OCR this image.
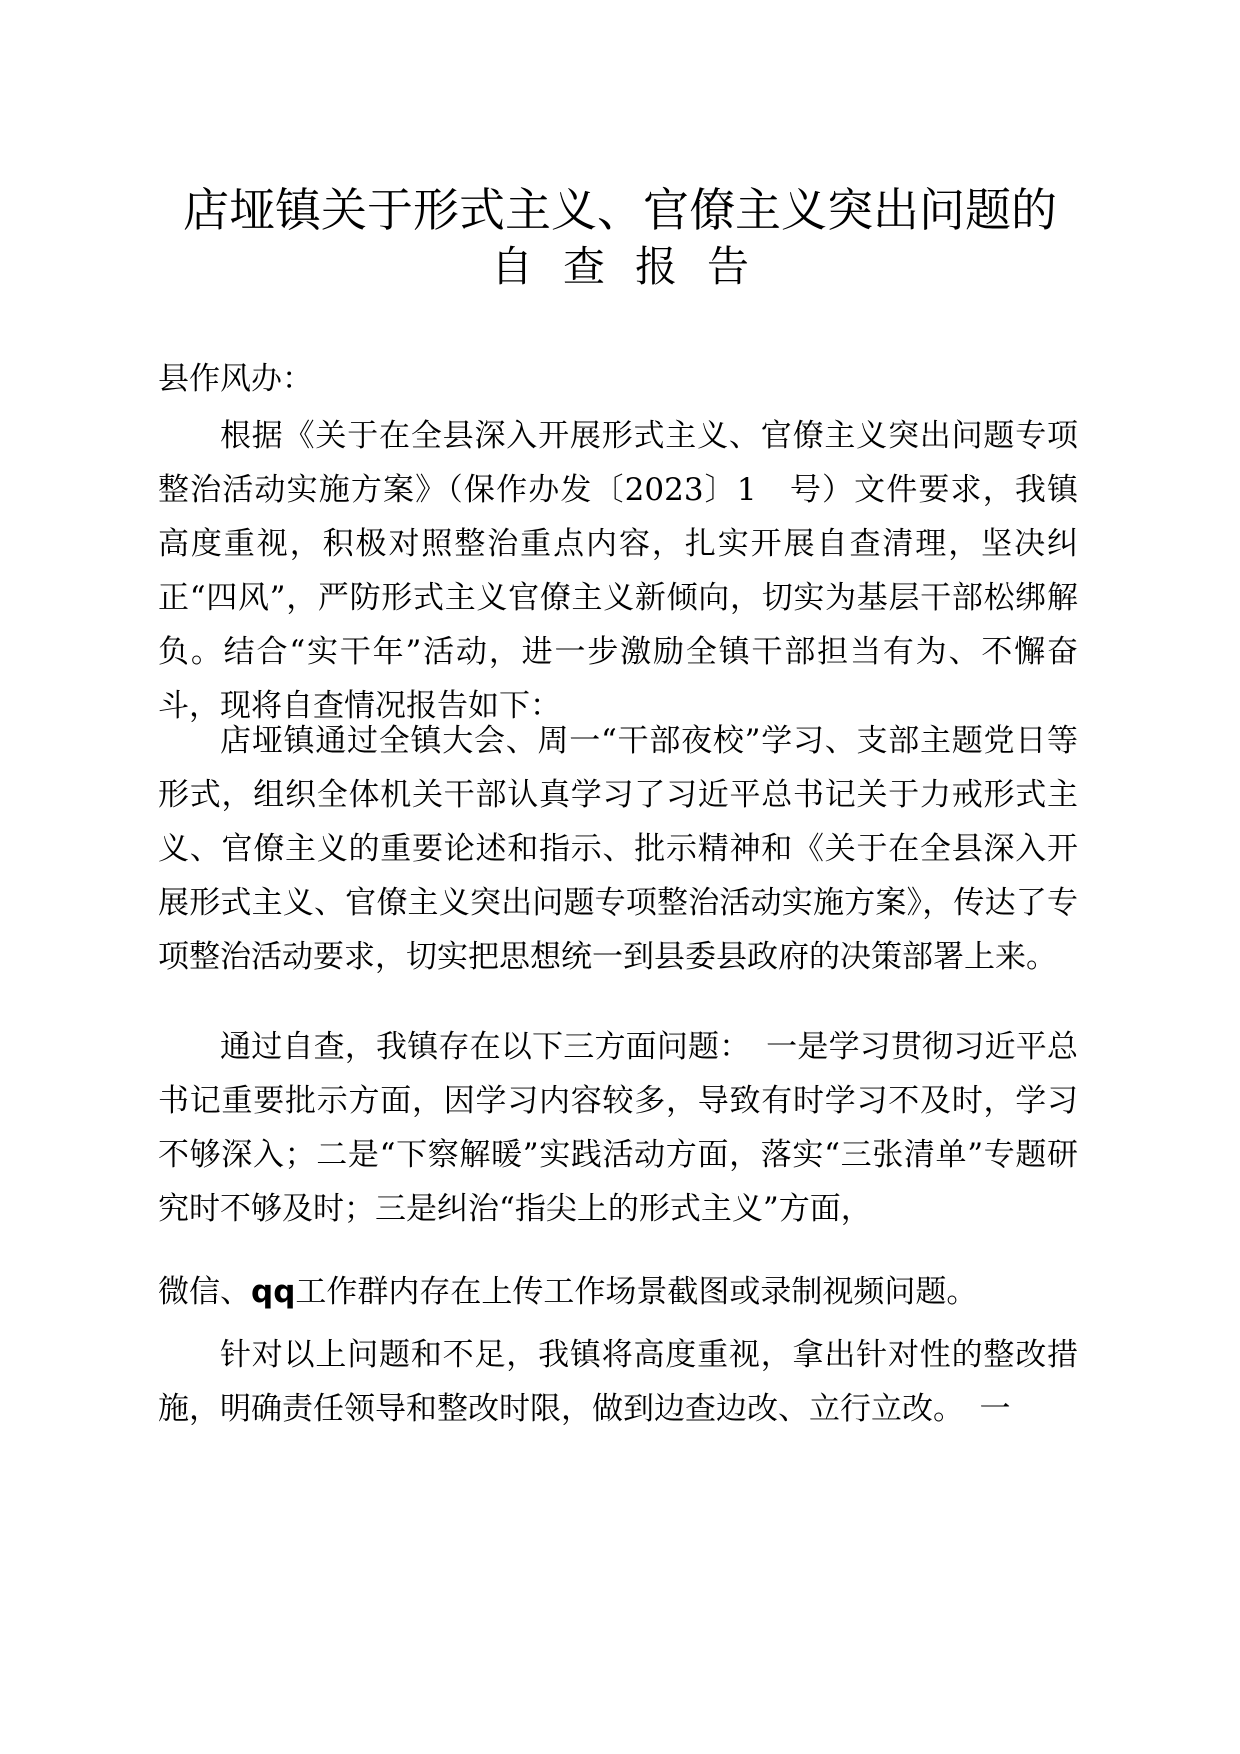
店垭镇关于形式主义、官僚主义突出问题的
自查报告
县作风办：
根据《关于在全县深入开展形式主义、官僚主义突出问题专项整治活动实施方案》（保作办发〔2023〕1　号）文件要求，我镇高度重视，积极对照整治重点内容，扎实开展自查清理，坚决纠正“四风”，严防形式主义官僚主义新倾向，切实为基层干部松绑解负。结合“实干年”活动，进一步激励全镇干部担当有为、不懈奋斗，现将自查情况报告如下：
店垭镇通过全镇大会、周一“干部夜校”学习、支部主题党日等形式，组织全体机关干部认真学习了习近平总书记关于力戒形式主义、官僚主义的重要论述和指示、批示精神和《关于在全县深入开展形式主义、官僚主义突出问题专项整治活动实施方案》，传达了专项整治活动要求，切实把思想统一到县委县政府的决策部署上来。
通过自查，我镇存在以下三方面问题：　一是学习贯彻习近平总书记重要批示方面，因学习内容较多，导致有时学习不及时，学习不够深入；二是“下察解暖”实践活动方面，落实“三张清单”专题研究时不够及时；三是纠治“指尖上的形式主义”方面，
微信、qq工作群内存在上传工作场景截图或录制视频问题。
针对以上问题和不足，我镇将高度重视，拿出针对性的整改措施，明确责任领导和整改时限，做到边查边改、立行立改。　一
